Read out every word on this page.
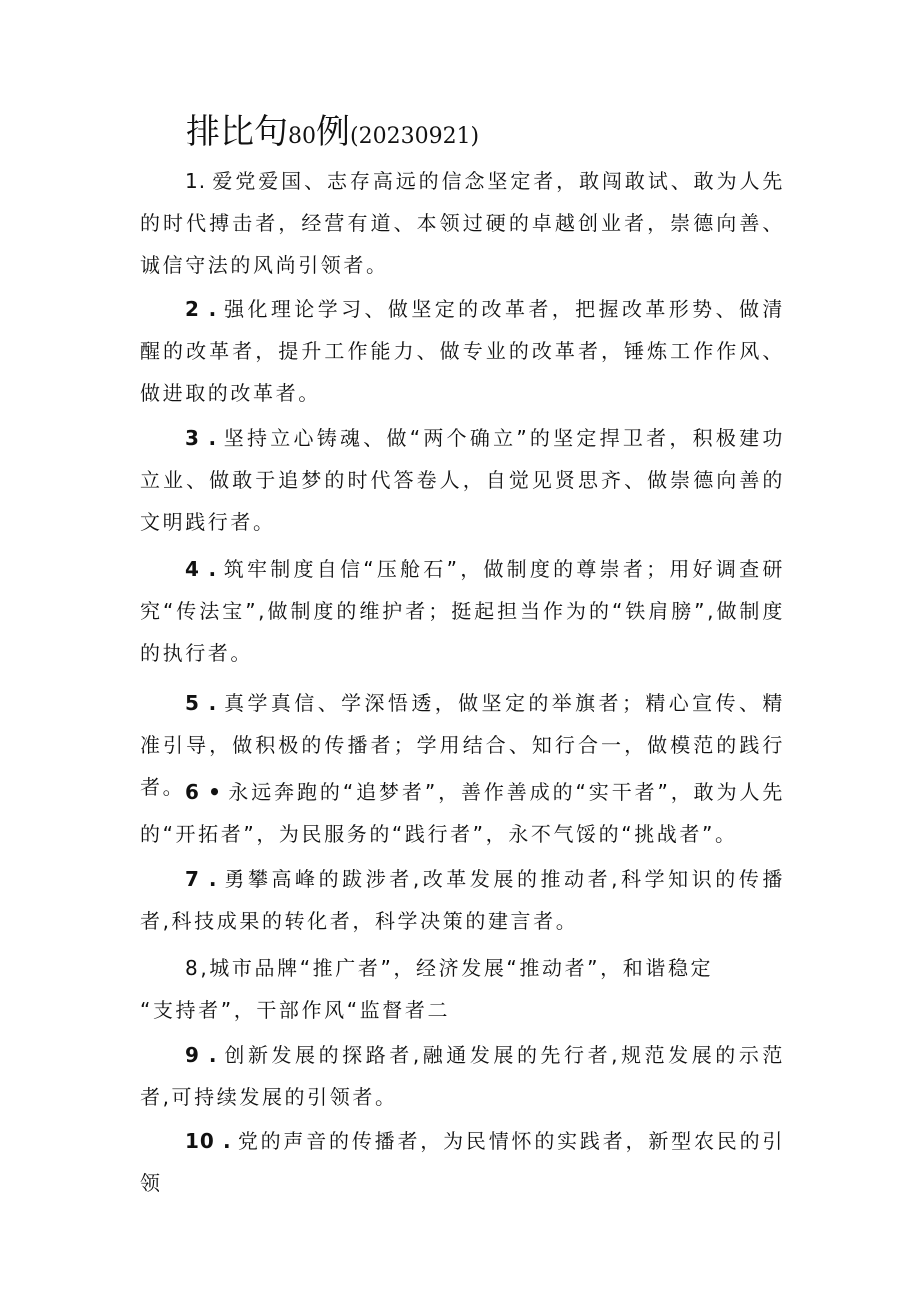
排比句80例(20230921)

1. 爱党爱国、志存高远的信念坚定者，敢闯敢试、敢为人先的时代搏击者，经营有道、本领过硬的卓越创业者，崇德向善、诚信守法的风尚引领者。

2 . 强化理论学习、做坚定的改革者，把握改革形势、做清醒的改革者，提升工作能力、做专业的改革者，锤炼工作作风、做进取的改革者。

3 . 坚持立心铸魂、做“两个确立”的坚定捍卫者，积极建功立业、做敢于追梦的时代答卷人，自觉见贤思齐、做崇德向善的文明践行者。

4 . 筑牢制度自信“压舱石”，做制度的尊崇者；用好调查研究“传法宝”,做制度的维护者；挺起担当作为的“铁肩膀”,做制度的执行者。

5 . 真学真信、学深悟透，做坚定的举旗者；精心宣传、精准引导，做积极的传播者；学用结合、知行合一，做模范的践行者。 6 • 永远奔跑的“追梦者”，善作善成的“实干者”，敢为人先的“开拓者”，为民服务的“践行者”，永不气馁的“挑战者”。

7 . 勇攀高峰的跋涉者,改革发展的推动者,科学知识的传播者,科技成果的转化者，科学决策的建言者。

8,城市品牌“推广者”，经济发展“推动者”，和谐稳定
“支持者”，干部作风“监督者二

9 . 创新发展的探路者,融通发展的先行者,规范发展的示范者,可持续发展的引领者。

10 . 党的声音的传播者，为民情怀的实践者，新型农民的引领
